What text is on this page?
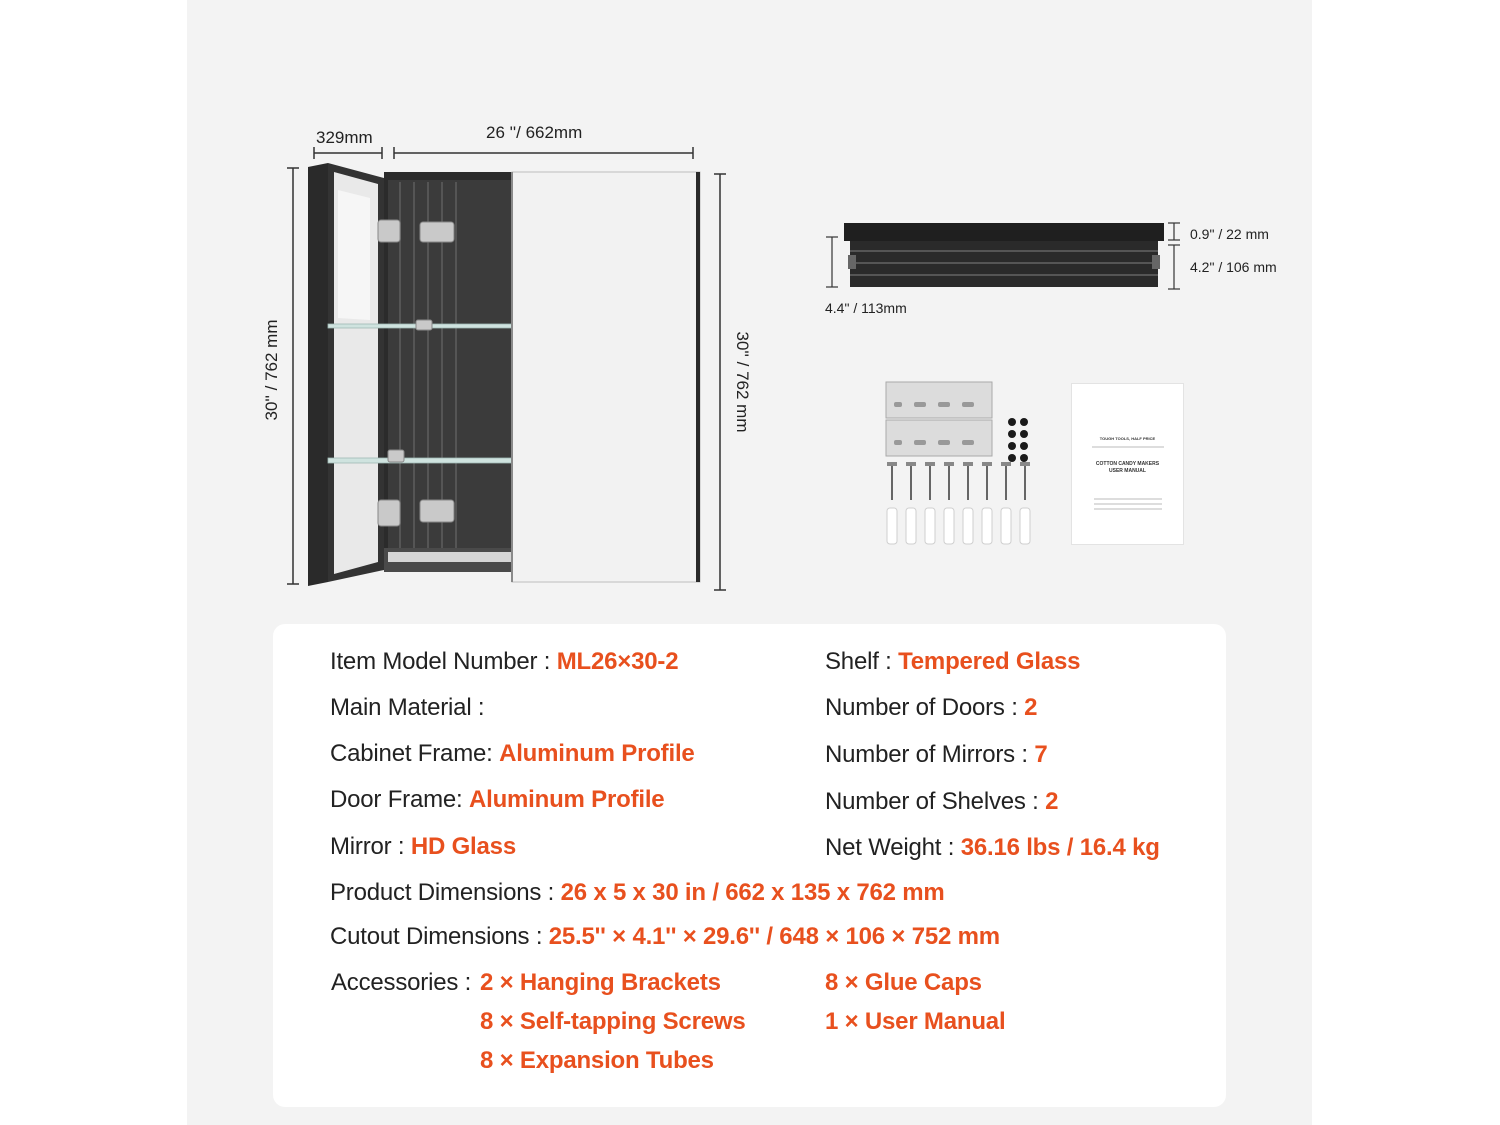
329mm	26 ''/ 662mm
30'' / 762 mm	30'' / 762 mm
0.9" / 22 mm
4.2" / 106 mm
4.4" / 113mm
TOUGH TOOLS, HALF PRICE
COTTON CANDY MAKERS
USER MANUAL
Item Model Number : ML26×30-2
Main Material :
Cabinet Frame: Aluminum Profile
Door Frame: Aluminum Profile
Mirror : HD Glass
Shelf : Tempered Glass
Number of Doors : 2
Number of Mirrors : 7
Number of Shelves : 2
Net Weight : 36.16 lbs / 16.4 kg
Product Dimensions : 26 x 5 x 30 in / 662 x 135 x 762 mm
Cutout Dimensions : 25.5'' × 4.1'' × 29.6'' / 648 × 106 × 752 mm
Accessories : 2 × Hanging Brackets
8 × Self-tapping Screws
8 × Expansion Tubes
8 × Glue Caps
1 × User Manual
